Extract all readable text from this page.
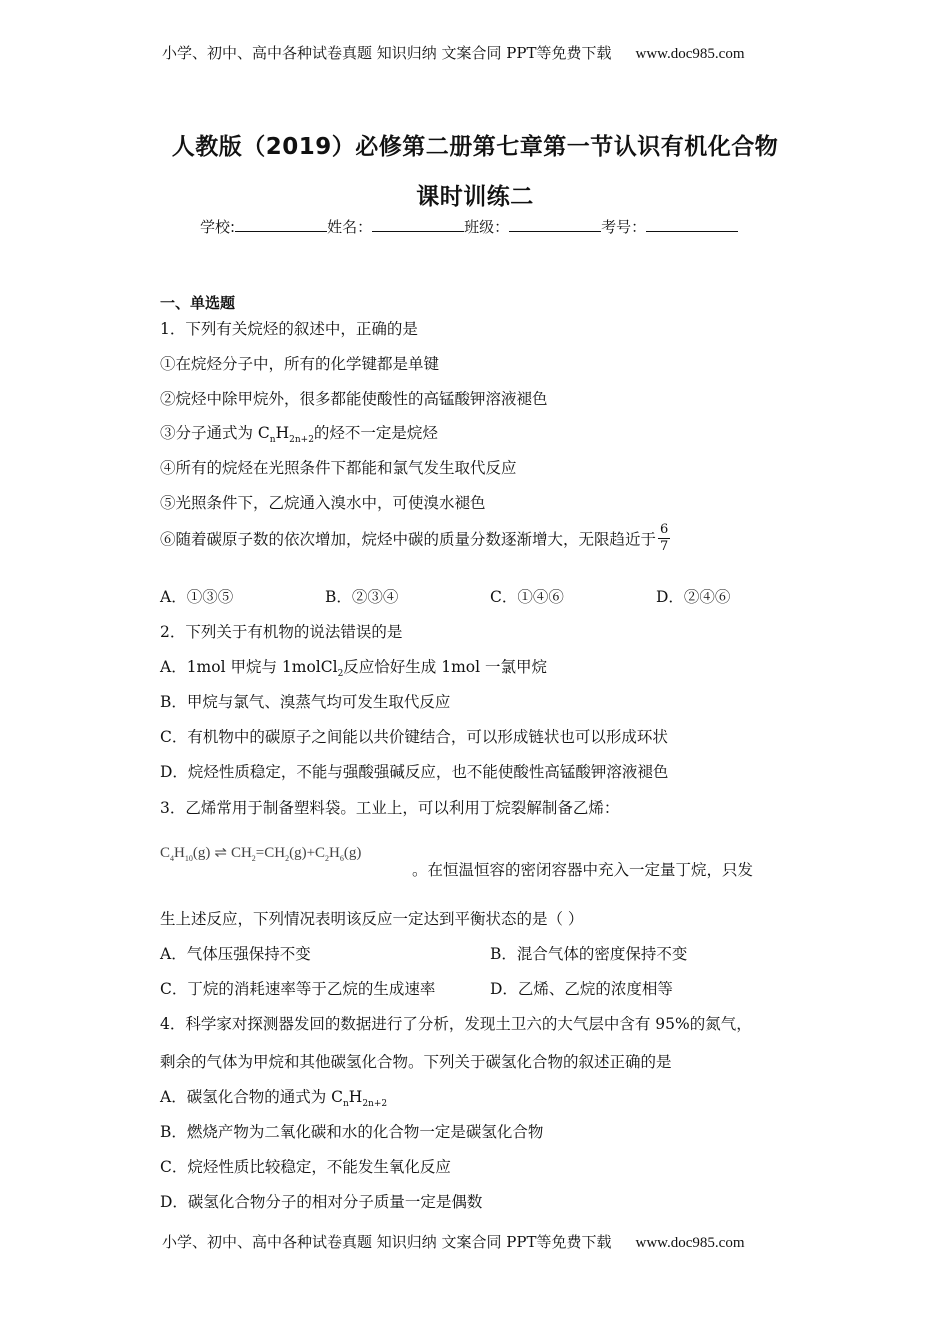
小学、初中、高中各种试卷真题 知识归纳 文案合同 PPT等免费下载 www.doc985.com
人教版（2019）必修第二册第七章第一节认识有机化合物
课时训练二
学校:	姓名：	班级：	考号：
一、单选题
1．下列有关烷烃的叙述中，正确的是
①在烷烃分子中，所有的化学键都是单键
②烷烃中除甲烷外，很多都能使酸性的高锰酸钾溶液褪色
③分子通式为 $C_nH_{2n+2}$的烃不一定是烷烃
④所有的烷烃在光照条件下都能和氯气发生取代反应
⑤光照条件下，乙烷通入溴水中，可使溴水褪色
⑥随着碳原子数的依次增加，烷烃中碳的质量分数逐渐增大，无限趋近于 $\frac{6}{7}$
A．①③⑤	B．②③④	C．①④⑥	D．②④⑥
2．下列关于有机物的说法错误的是
A．1mol 甲烷与 1molCl$_2$反应恰好生成 1mol 一氯甲烷
B．甲烷与氯气、溴蒸气均可发生取代反应
C．有机物中的碳原子之间能以共价键结合，可以形成链状也可以形成环状
D．烷烃性质稳定，不能与强酸强碱反应，也不能使酸性高锰酸钾溶液褪色
3．乙烯常用于制备塑料袋。工业上，可以利用丁烷裂解制备乙烯：
$C_4H_{10}(g)$ ⇌ $CH_2=CH_2(g)+C_2H_6(g)$
。在恒温恒容的密闭容器中充入一定量丁烷，只发
生上述反应，下列情况表明该反应一定达到平衡状态的是（ ）
A．气体压强保持不变	B．混合气体的密度保持不变
C．丁烷的消耗速率等于乙烷的生成速率	D．乙烯、乙烷的浓度相等
4．科学家对探测器发回的数据进行了分析，发现土卫六的大气层中含有 95%的氮气，
剩余的气体为甲烷和其他碳氢化合物。下列关于碳氢化合物的叙述正确的是
A．碳氢化合物的通式为 $C_nH_{2n+2}$
B．燃烧产物为二氧化碳和水的化合物一定是碳氢化合物
C．烷烃性质比较稳定，不能发生氧化反应
D．碳氢化合物分子的相对分子质量一定是偶数
小学、初中、高中各种试卷真题 知识归纳 文案合同 PPT等免费下载 www.doc985.com
